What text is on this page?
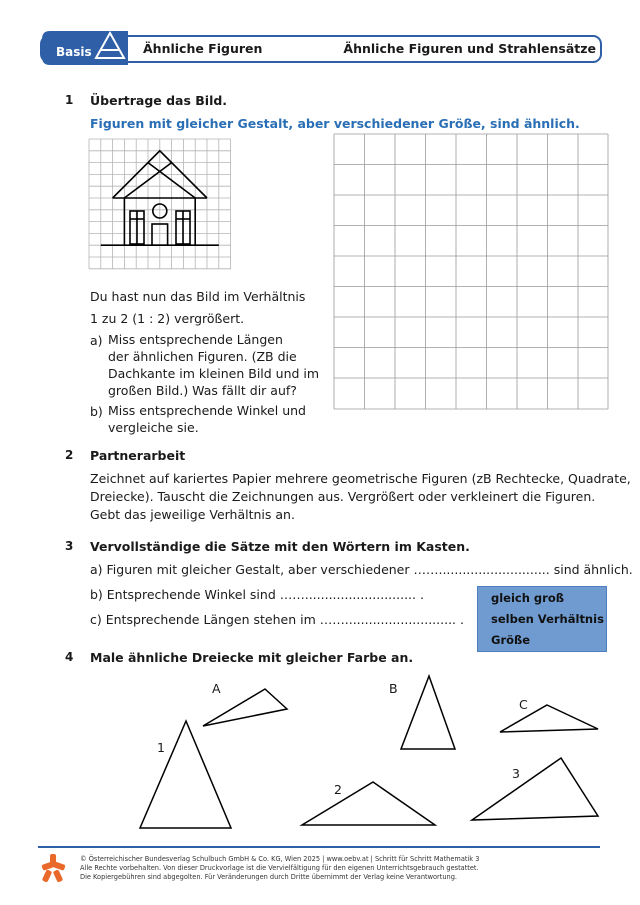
Basis	Ähnliche Figuren	Ähnliche Figuren und Strahlensätze
1 Übertrage das Bild.
Figuren mit gleicher Gestalt, aber verschiedener Größe, sind ähnlich.
Du hast nun das Bild im Verhältnis
1 zu 2 (1 : 2) vergrößert.
a) Miss entsprechende Längen
der ähnlichen Figuren. (ZB die
Dachkante im kleinen Bild und im
großen Bild.) Was fällt dir auf?
b) Miss entsprechende Winkel und
vergleiche sie.
2 Partnerarbeit
Zeichnet auf kariertes Papier mehrere geometrische Figuren (zB Rechtecke, Quadrate,
Dreiecke). Tauscht die Zeichnungen aus. Vergrößert oder verkleinert die Figuren.
Gebt das jeweilige Verhältnis an.
3 Vervollständige die Sätze mit den Wörtern im Kasten.
a) Figuren mit gleicher Gestalt, aber verschiedener ……............................ sind ähnlich.
b) Entsprechende Winkel sind ……............................ .
c) Entsprechende Längen stehen im ……............................ .
gleich groß
selben Verhältnis
Größe
4 Male ähnliche Dreiecke mit gleicher Farbe an.
A	B
C
1
2
3
© Österreichischer Bundesverlag Schulbuch GmbH & Co. KG, Wien 2025 | www.oebv.at | Schritt für Schritt Mathematik 3
Alle Rechte vorbehalten. Von dieser Druckvorlage ist die Vervielfältigung für den eigenen Unterrichtsgebrauch gestattet.
Die Kopiergebühren sind abgegolten. Für Veränderungen durch Dritte übernimmt der Verlag keine Verantwortung.
